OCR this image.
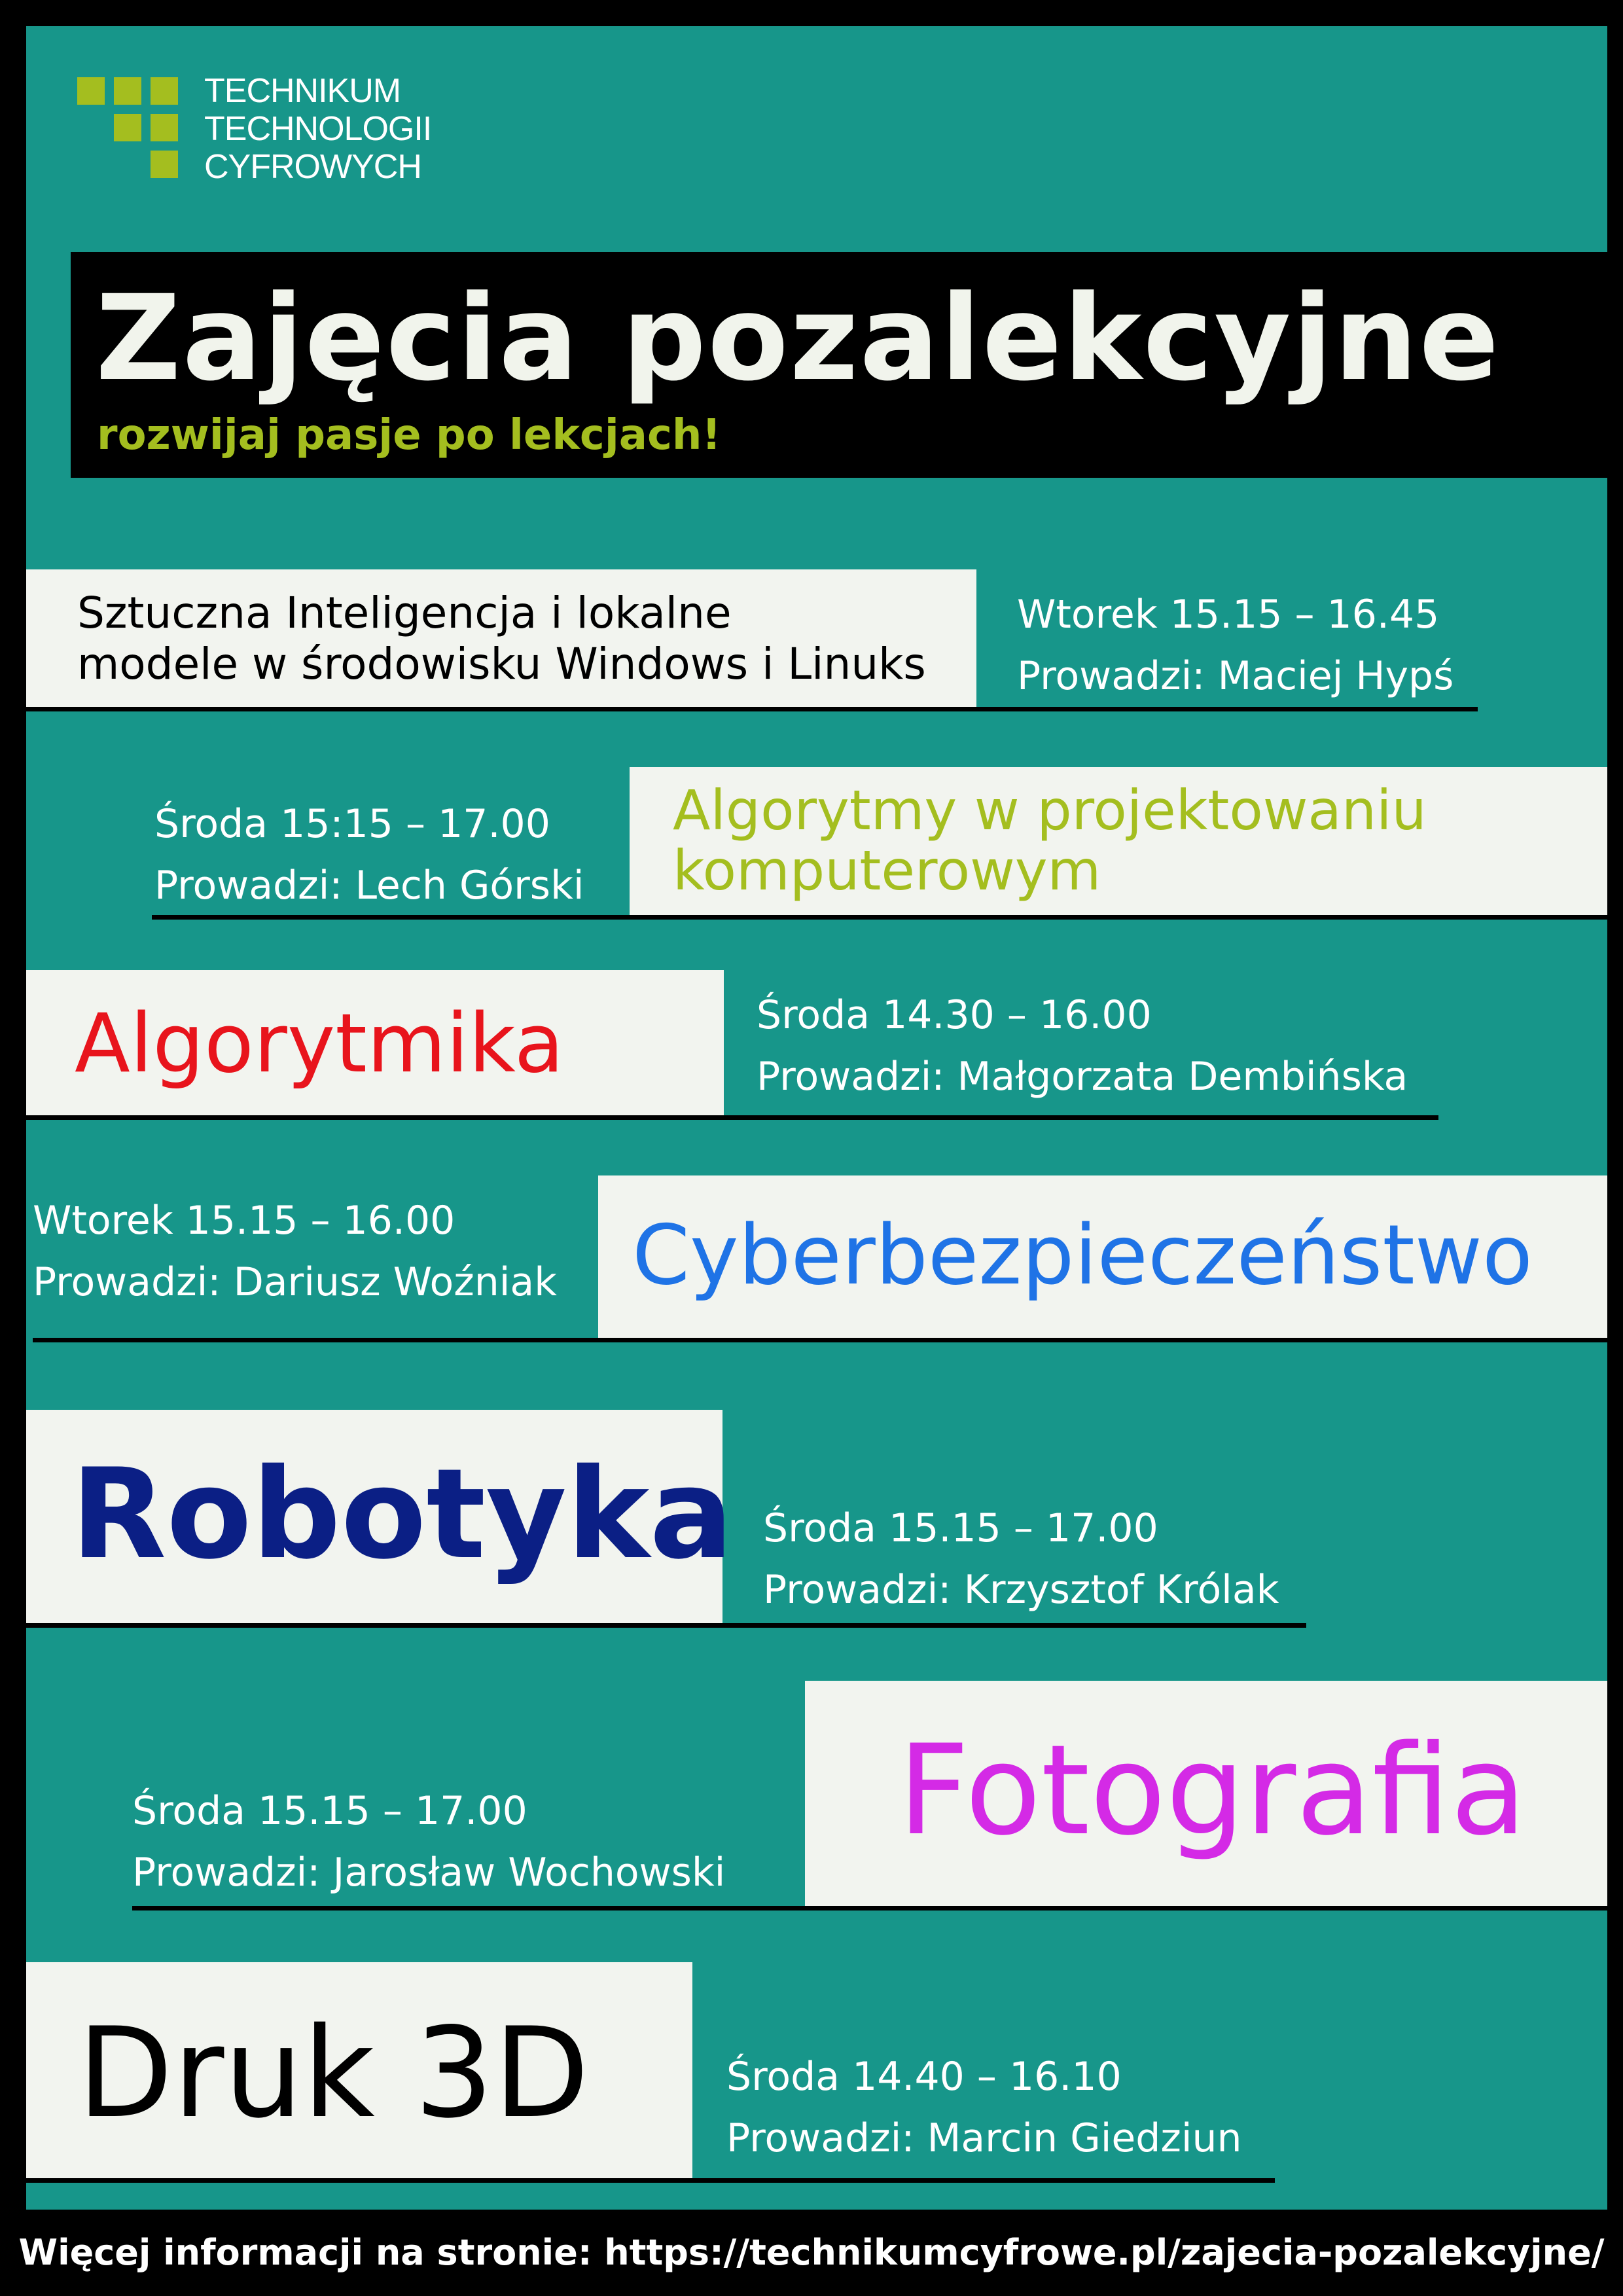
TECHNIKUM
TECHNOLOGII
CYFROWYCH
Zajęcia pozalekcyjne
rozwijaj pasje po lekcjach!
Sztuczna Inteligencja i lokalne
modele w środowisku Windows i Linuks
Wtorek 15.15 – 16.45
Prowadzi: Maciej Hypś
Algorytmy w projektowaniu
komputerowym
Środa 15:15 – 17.00
Prowadzi: Lech Górski
Algorytmika	Środa 14.30 – 16.00
Prowadzi: Małgorzata Dembińska
Cyberbezpieczeństwo
Wtorek 15.15 – 16.00
Prowadzi: Dariusz Woźniak
Robotyka Środa 15.15 – 17.00
Prowadzi: Krzysztof Królak
Fotografia
Środa 15.15 – 17.00
Prowadzi: Jarosław Wochowski
Druk 3D	Środa 14.40 – 16.10
Prowadzi: Marcin Giedziun
Więcej informacji na stronie: https://technikumcyfrowe.pl/zajecia-pozalekcyjne/
